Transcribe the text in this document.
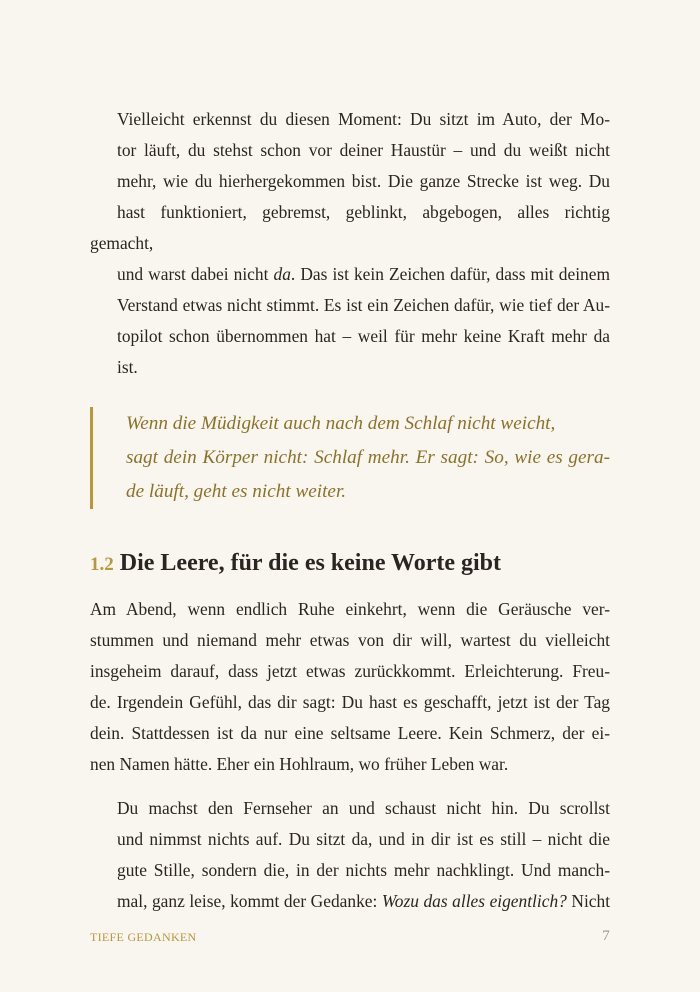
Vielleicht erkennst du diesen Moment: Du sitzt im Auto, der Mo-
tor läuft, du stehst schon vor deiner Haustür – und du weißt nicht
mehr, wie du hierhergekommen bist. Die ganze Strecke ist weg. Du
hast funktioniert, gebremst, geblinkt, abgebogen, alles richtig gemacht,
und warst dabei nicht da. Das ist kein Zeichen dafür, dass mit deinem
Verstand etwas nicht stimmt. Es ist ein Zeichen dafür, wie tief der Au-
topilot schon übernommen hat – weil für mehr keine Kraft mehr da
ist.

Wenn die Müdigkeit auch nach dem Schlaf nicht weicht,
sagt dein Körper nicht: Schlaf mehr. Er sagt: So, wie es gera-
de läuft, geht es nicht weiter.
1.2 Die Leere, für die es keine Worte gibt

Am Abend, wenn endlich Ruhe einkehrt, wenn die Geräusche ver-
stummen und niemand mehr etwas von dir will, wartest du vielleicht
insgeheim darauf, dass jetzt etwas zurückkommt. Erleichterung. Freu-
de. Irgendein Gefühl, das dir sagt: Du hast es geschafft, jetzt ist der Tag
dein. Stattdessen ist da nur eine seltsame Leere. Kein Schmerz, der ei-
nen Namen hätte. Eher ein Hohlraum, wo früher Leben war.

Du machst den Fernseher an und schaust nicht hin. Du scrollst
und nimmst nichts auf. Du sitzt da, und in dir ist es still – nicht die
gute Stille, sondern die, in der nichts mehr nachklingt. Und manch-
mal, ganz leise, kommt der Gedanke: Wozu das alles eigentlich? Nicht

TIEFE GEDANKEN	7
